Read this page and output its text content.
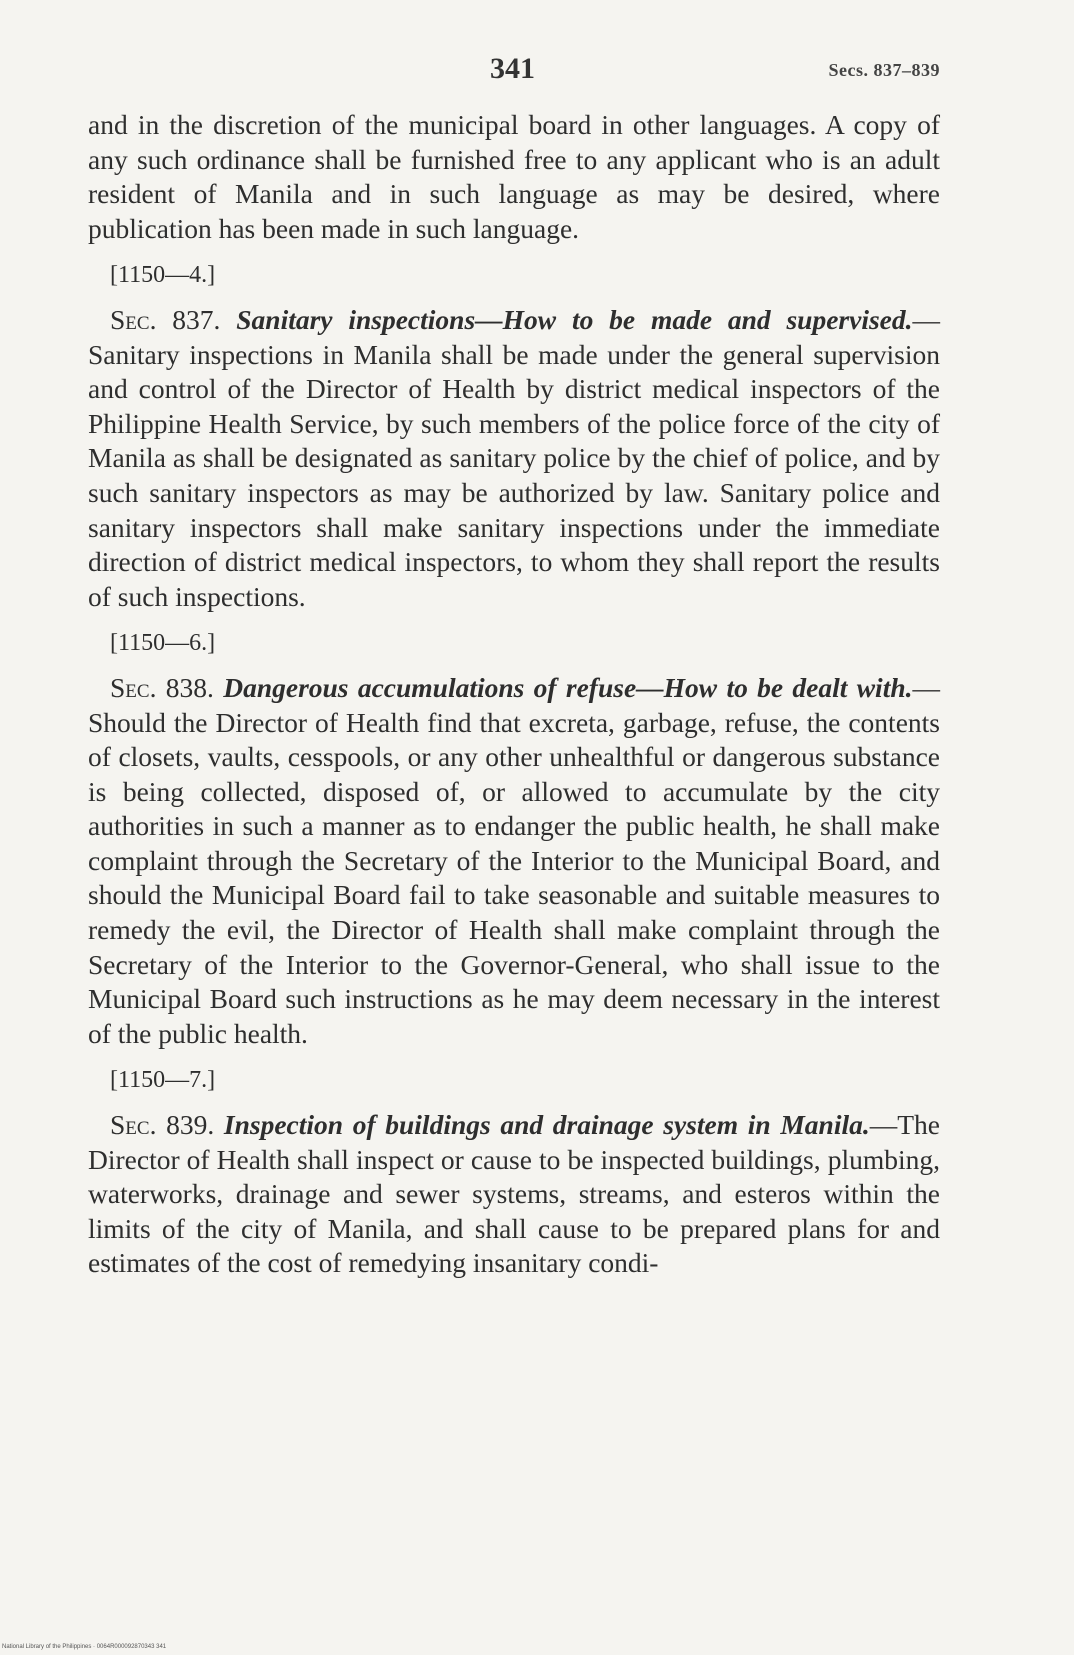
341	Secs. 837–839

and in the discretion of the municipal board in other languages. A copy of any such ordinance shall be furnished free to any applicant who is an adult resident of Manila and in such language as may be desired, where publication has been made in such language.

[1150—4.]

Sec. 837. Sanitary inspections—How to be made and supervised.—Sanitary inspections in Manila shall be made under the general supervision and control of the Director of Health by district medical inspectors of the Philippine Health Service, by such members of the police force of the city of Manila as shall be designated as sanitary police by the chief of police, and by such sanitary inspectors as may be authorized by law. Sanitary police and sanitary inspectors shall make sanitary inspections under the immediate direction of district medical inspectors, to whom they shall report the results of such inspections.

[1150—6.]

Sec. 838. Dangerous accumulations of refuse—How to be dealt with.—Should the Director of Health find that excreta, garbage, refuse, the contents of closets, vaults, cesspools, or any other unhealthful or dangerous substance is being collected, disposed of, or allowed to accumulate by the city authorities in such a manner as to endanger the public health, he shall make complaint through the Secretary of the Interior to the Municipal Board, and should the Municipal Board fail to take seasonable and suitable measures to remedy the evil, the Director of Health shall make complaint through the Secretary of the Interior to the Governor-General, who shall issue to the Municipal Board such instructions as he may deem necessary in the interest of the public health.

[1150—7.]

Sec. 839. Inspection of buildings and drainage system in Manila.—The Director of Health shall inspect or cause to be inspected buildings, plumbing, waterworks, drainage and sewer systems, streams, and esteros within the limits of the city of Manila, and shall cause to be prepared plans for and estimates of the cost of remedying insanitary condi-

National Library of the Philippines · 0064R000092870343 341
